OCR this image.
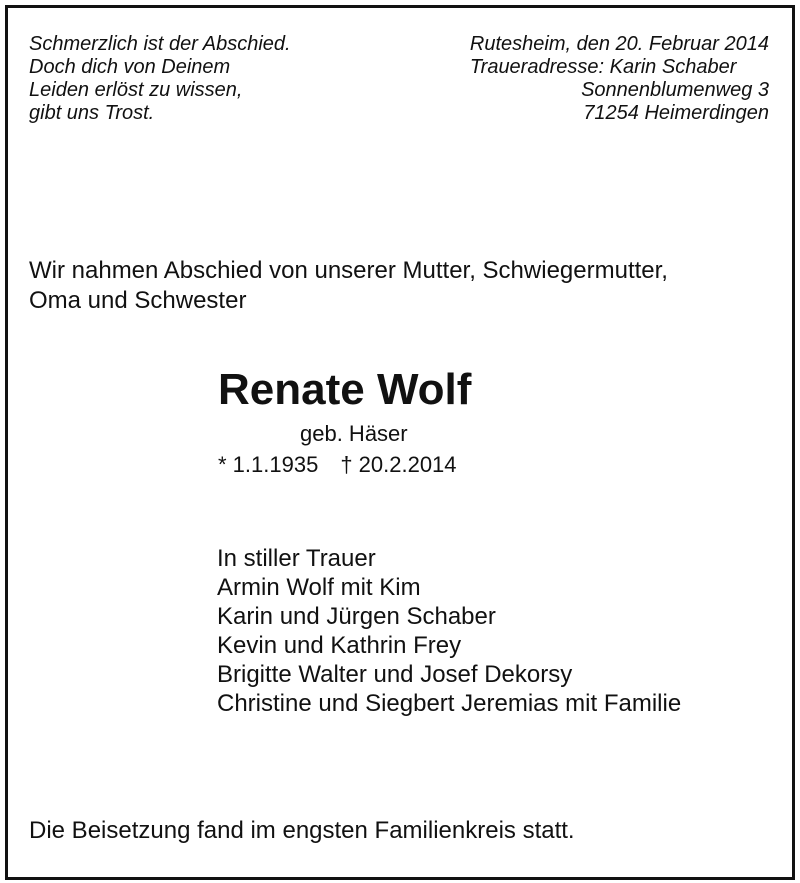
Schmerzlich ist der Abschied.
Doch dich von Deinem
Leiden erlöst zu wissen,
gibt uns Trost.
Rutesheim, den 20. Februar 2014
Traueradresse: Karin Schaber
Sonnenblumenweg 3
71254 Heimerdingen
Wir nahmen Abschied von unserer Mutter, Schwiegermutter,
Oma und Schwester
Renate Wolf
geb. Häser
* 1.1.1935 † 20.2.2014
In stiller Trauer
Armin Wolf mit Kim
Karin und Jürgen Schaber
Kevin und Kathrin Frey
Brigitte Walter und Josef Dekorsy
Christine und Siegbert Jeremias mit Familie
Die Beisetzung fand im engsten Familienkreis statt.
